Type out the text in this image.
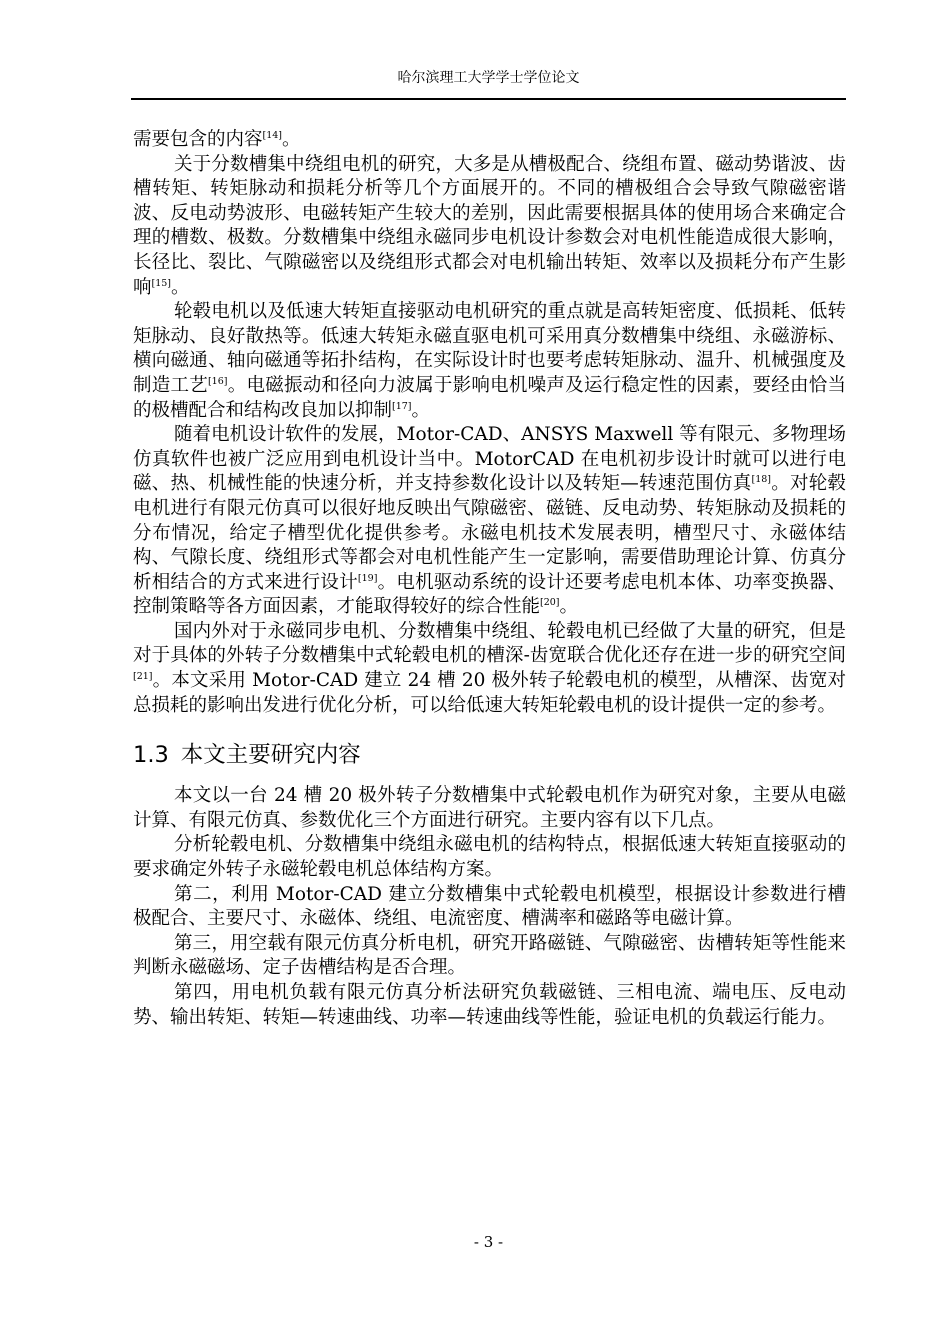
哈尔滨理工大学学士学位论文

需要包含的内容[14]。

关于分数槽集中绕组电机的研究，大多是从槽极配合、绕组布置、磁动势谐波、齿槽转矩、转矩脉动和损耗分析等几个方面展开的。不同的槽极组合会导致气隙磁密谐波、反电动势波形、电磁转矩产生较大的差别，因此需要根据具体的使用场合来确定合理的槽数、极数。分数槽集中绕组永磁同步电机设计参数会对电机性能造成很大影响，长径比、裂比、气隙磁密以及绕组形式都会对电机输出转矩、效率以及损耗分布产生影响[15]。

轮毂电机以及低速大转矩直接驱动电机研究的重点就是高转矩密度、低损耗、低转矩脉动、良好散热等。低速大转矩永磁直驱电机可采用真分数槽集中绕组、永磁游标、横向磁通、轴向磁通等拓扑结构，在实际设计时也要考虑转矩脉动、温升、机械强度及制造工艺[16]。电磁振动和径向力波属于影响电机噪声及运行稳定性的因素，要经由恰当的极槽配合和结构改良加以抑制[17]。

随着电机设计软件的发展，Motor-CAD、ANSYS Maxwell 等有限元、多物理场仿真软件也被广泛应用到电机设计当中。MotorCAD 在电机初步设计时就可以进行电磁、热、机械性能的快速分析，并支持参数化设计以及转矩—转速范围仿真[18]。对轮毂电机进行有限元仿真可以很好地反映出气隙磁密、磁链、反电动势、转矩脉动及损耗的分布情况，给定子槽型优化提供参考。永磁电机技术发展表明，槽型尺寸、永磁体结构、气隙长度、绕组形式等都会对电机性能产生一定影响，需要借助理论计算、仿真分析相结合的方式来进行设计[19]。电机驱动系统的设计还要考虑电机本体、功率变换器、控制策略等各方面因素，才能取得较好的综合性能[20]。

国内外对于永磁同步电机、分数槽集中绕组、轮毂电机已经做了大量的研究，但是对于具体的外转子分数槽集中式轮毂电机的槽深-齿宽联合优化还存在进一步的研究空间[21]。本文采用 Motor-CAD 建立 24 槽 20 极外转子轮毂电机的模型，从槽深、齿宽对总损耗的影响出发进行优化分析，可以给低速大转矩轮毂电机的设计提供一定的参考。

1.3 本文主要研究内容

本文以一台 24 槽 20 极外转子分数槽集中式轮毂电机作为研究对象，主要从电磁计算、有限元仿真、参数优化三个方面进行研究。主要内容有以下几点。

分析轮毂电机、分数槽集中绕组永磁电机的结构特点，根据低速大转矩直接驱动的要求确定外转子永磁轮毂电机总体结构方案。

第二，利用 Motor-CAD 建立分数槽集中式轮毂电机模型，根据设计参数进行槽极配合、主要尺寸、永磁体、绕组、电流密度、槽满率和磁路等电磁计算。

第三，用空载有限元仿真分析电机，研究开路磁链、气隙磁密、齿槽转矩等性能来判断永磁磁场、定子齿槽结构是否合理。

第四，用电机负载有限元仿真分析法研究负载磁链、三相电流、端电压、反电动势、输出转矩、转矩—转速曲线、功率—转速曲线等性能，验证电机的负载运行能力。

- 3 -
